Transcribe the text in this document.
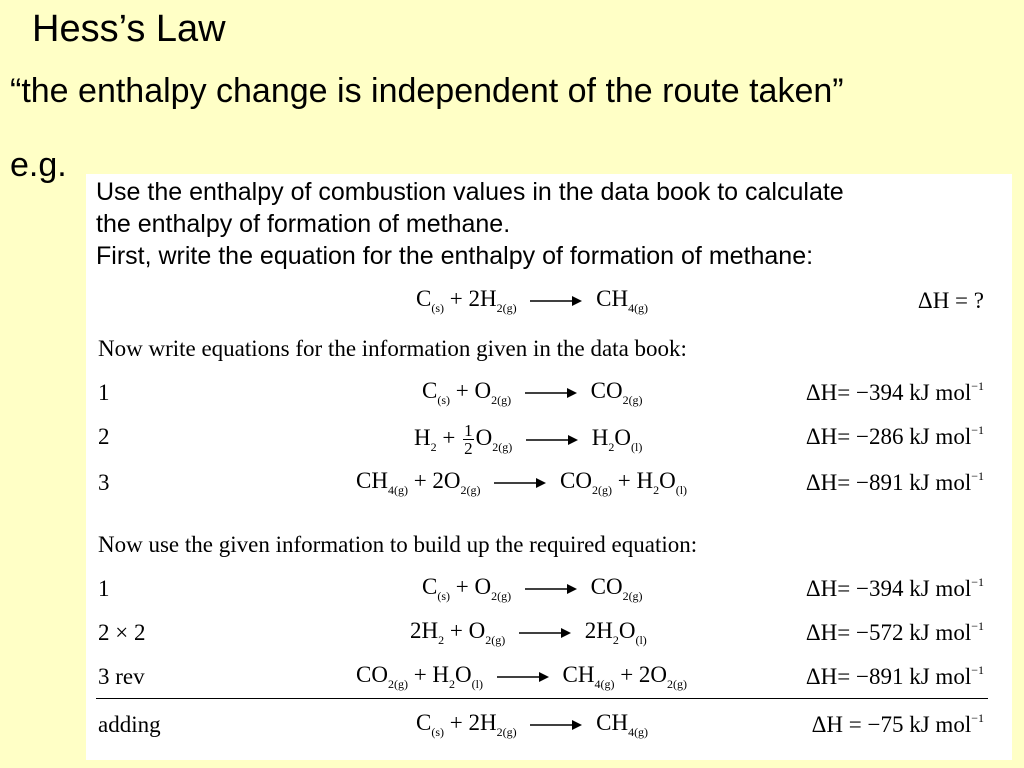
Hess’s Law
“the enthalpy change is independent of the route taken”
e.g.
Use the enthalpy of combustion values in the data book to calculate
the enthalpy of formation of methane.
First, write the equation for the enthalpy of formation of methane:
$C_{(s)} + 2H_{2(g)} \to CH_{4(g)}$	ΔH = ?
Now write equations for the information given in the data book:
1	$C_{(s)} + O_{2(g)} \to CO_{2(g)}$	ΔH= −394 kJ mol$^{-1}$
2	$H_2 + \frac{1}{2} O_{2(g)} \to H_2O_{(l)}$	ΔH= −286 kJ mol$^{-1}$
3	$CH_{4(g)} + 2O_{2(g)} \to CO_{2(g)} + H_2O_{(l)}$	ΔH= −891 kJ mol$^{-1}$
Now use the given information to build up the required equation:
1	$C_{(s)} + O_{2(g)} \to CO_{2(g)}$	ΔH= −394 kJ mol$^{-1}$
2 × 2	$2H_2 + O_{2(g)} \to 2H_2O_{(l)}$	ΔH= −572 kJ mol$^{-1}$
3 rev	$CO_{2(g)} + H_2O_{(l)} \to CH_{4(g)} + 2O_{2(g)}$	ΔH= −891 kJ mol$^{-1}$
adding	$C_{(s)} + 2H_{2(g)} \to CH_{4(g)}$	ΔH = −75 kJ mol$^{-1}$
